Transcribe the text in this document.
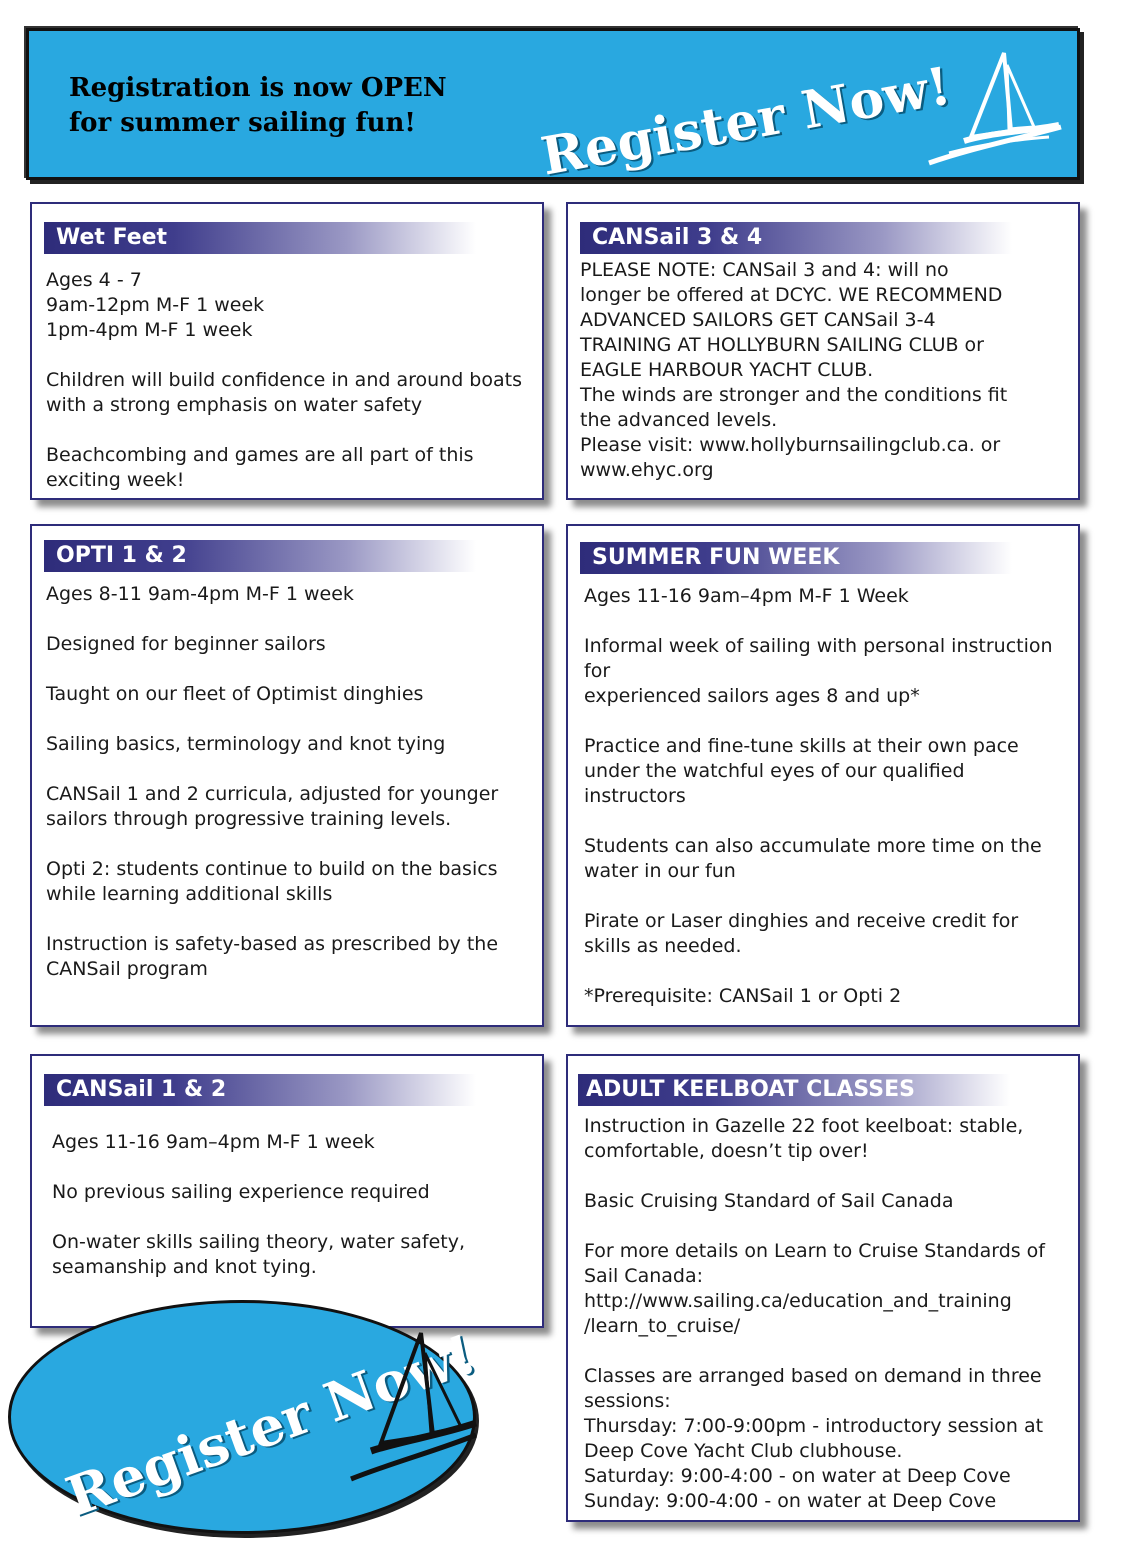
Registration is now OPEN
for summer sailing fun!	Register Now!
Wet Feet

Ages 4 - 7
9am-12pm M-F 1 week
1pm-4pm M-F 1 week

Children will build confidence in and around boats with a strong emphasis on water safety

Beachcombing and games are all part of this exciting week!

CANSail 3 & 4
PLEASE NOTE: CANSail 3 and 4: will no
longer be offered at DCYC. WE RECOMMEND
ADVANCED SAILORS GET CANSail 3-4
TRAINING AT HOLLYBURN SAILING CLUB or
EAGLE HARBOUR YACHT CLUB.
The winds are stronger and the conditions fit
the advanced levels.
Please visit: www.hollyburnsailingclub.ca. or
www.ehyc.org
OPTI 1 & 2

Ages 8-11 9am-4pm M-F 1 week

Designed for beginner sailors

Taught on our fleet of Optimist dinghies

Sailing basics, terminology and knot tying

CANSail 1 and 2 curricula, adjusted for younger sailors through progressive training levels.

Opti 2: students continue to build on the basics while learning additional skills

Instruction is safety-based as prescribed by the CANSail program

SUMMER FUN WEEK

Ages 11-16 9am–4pm M-F 1 Week

Informal week of sailing with personal instruction for

experienced sailors ages 8 and up*

Practice and fine-tune skills at their own pace under the watchful eyes of our qualified instructors

Students can also accumulate more time on the water in our fun

Pirate or Laser dinghies and receive credit for skills as needed.

*Prerequisite: CANSail 1 or Opti 2

CANSail 1 & 2

Ages 11-16 9am–4pm M-F 1 week

No previous sailing experience required

On-water skills sailing theory, water safety, seamanship and knot tying.

ADULT KEELBOAT CLASSES

Instruction in Gazelle 22 foot keelboat: stable, comfortable, doesn’t tip over!

Basic Cruising Standard of Sail Canada

For more details on Learn to Cruise Standards of Sail Canada:

http://www.sailing.ca/education_and_training

/learn_to_cruise/

Classes are arranged based on demand in three sessions:

Thursday: 7:00-9:00pm - introductory session at Deep Cove Yacht Club clubhouse.

Saturday: 9:00-4:00 - on water at Deep Cove

Sunday: 9:00-4:00 - on water at Deep Cove

Register Now!
